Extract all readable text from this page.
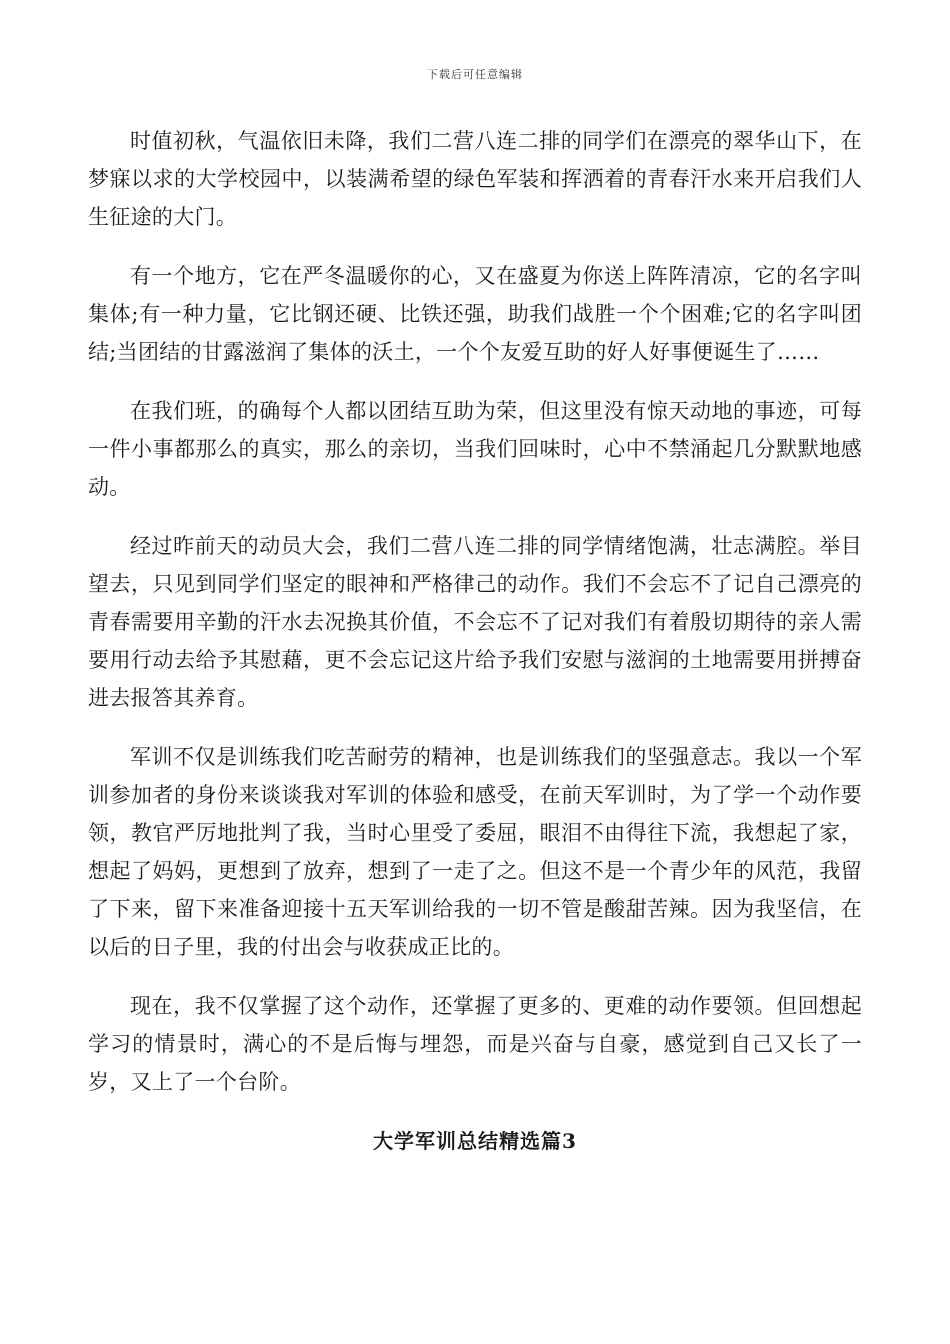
下载后可任意编辑

时值初秋，气温依旧未降，我们二营八连二排的同学们在漂亮的翠华山下，在梦寐以求的大学校园中，以装满希望的绿色军装和挥洒着的青春汗水来开启我们人生征途的大门。

有一个地方，它在严冬温暖你的心，又在盛夏为你送上阵阵清凉，它的名字叫集体;有一种力量，它比钢还硬、比铁还强，助我们战胜一个个困难;它的名字叫团结;当团结的甘露滋润了集体的沃土，一个个友爱互助的好人好事便诞生了……

在我们班，的确每个人都以团结互助为荣，但这里没有惊天动地的事迹，可每一件小事都那么的真实，那么的亲切，当我们回味时，心中不禁涌起几分默默地感动。

经过昨前天的动员大会，我们二营八连二排的同学情绪饱满，壮志满腔。举目望去，只见到同学们坚定的眼神和严格律己的动作。我们不会忘不了记自己漂亮的青春需要用辛勤的汗水去况换其价值，不会忘不了记对我们有着殷切期待的亲人需要用行动去给予其慰藉，更不会忘记这片给予我们安慰与滋润的土地需要用拼搏奋进去报答其养育。

军训不仅是训练我们吃苦耐劳的精神，也是训练我们的坚强意志。我以一个军训参加者的身份来谈谈我对军训的体验和感受，在前天军训时，为了学一个动作要领，教官严厉地批判了我，当时心里受了委屈，眼泪不由得往下流，我想起了家，想起了妈妈，更想到了放弃，想到了一走了之。但这不是一个青少年的风范，我留了下来，留下来准备迎接十五天军训给我的一切不管是酸甜苦辣。因为我坚信，在以后的日子里，我的付出会与收获成正比的。

现在，我不仅掌握了这个动作，还掌握了更多的、更难的动作要领。但回想起学习的情景时，满心的不是后悔与埋怨，而是兴奋与自豪，感觉到自己又长了一岁，又上了一个台阶。

大学军训总结精选篇3
